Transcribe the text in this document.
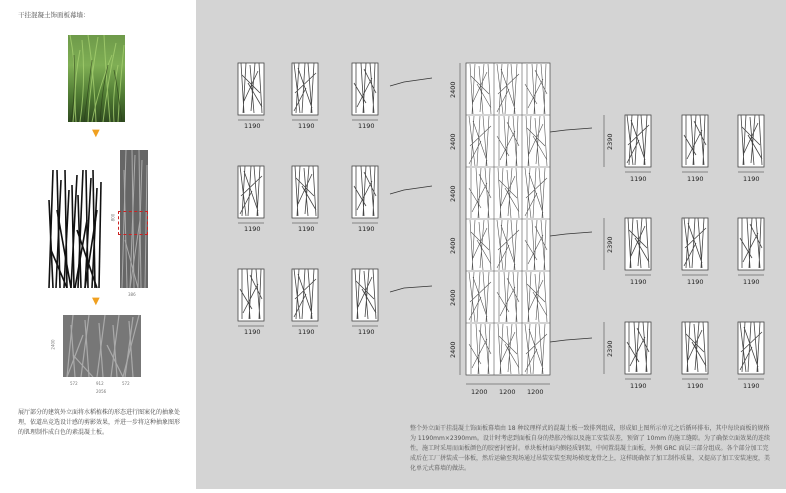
干挂混凝土饰面板幕墙：
▼
800
386
▼
2400
572	912	572
2056
展厅部分的建筑外立面将水稻植株的形态进行图案化的抽象处理，依道出竞选设计感的剪影效果，并进一步将这种抽象图形的肌理制作成白色的素混凝土板。
1190	1190	1190
1190	1190	1190
1190	1190	1190
1190	1190	1190
1190	1190	1190
1190	1190	1190
1200 1200 1200
2400
2400
2400
2400
2400
2400
2390
2390
2390
整个外立面干挂混凝土饰面板幕墙由 18 种纹理样式的混凝土板一致排列组成，形成如上图所示单元之后循环排布，其中每块面板的规格为 1190mm×2390mm。设计时考虑到面板自身的热胀冷缩以及施工安装误差，预留了 10mm 的施工缝隙。为了确保立面效果的连续性，施工时采用而面板颜色的胶密封密封。单块板材面内侧轻质钢架，中间置混凝土面板，外侧 GRC 面层三部分组成。各个部分加工完成后在工厂拼装成一体板，然后运输至现场通过吊装安装至现场梯度龙骨之上，这样既确保了加工制作质量，又提高了加工安装速度，美化单元式幕墙的做法。
